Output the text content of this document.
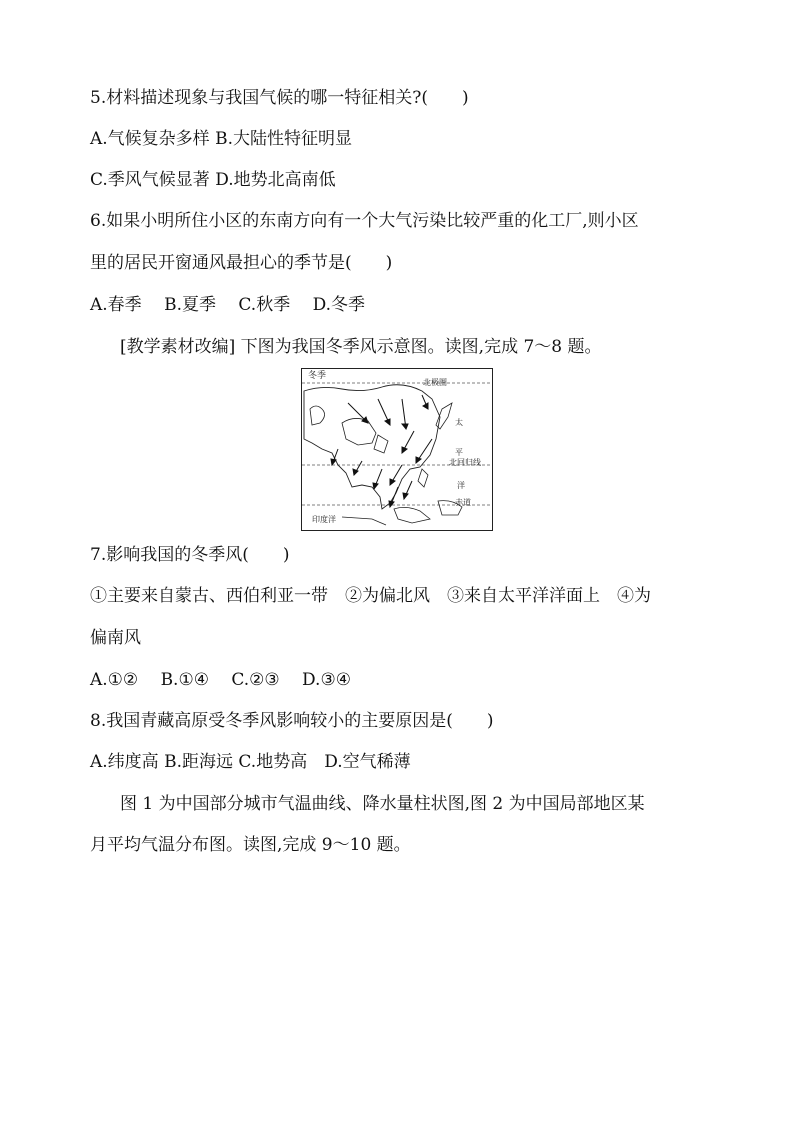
5.材料描述现象与我国气候的哪一特征相关?(　　)
A.气候复杂多样 B.大陆性特征明显
C.季风气候显著 D.地势北高南低
6.如果小明所住小区的东南方向有一个大气污染比较严重的化工厂,则小区
里的居民开窗通风最担心的季节是(　　)
A.春季　 B.夏季　 C.秋季　 D.冬季
[教学素材改编] 下图为我国冬季风示意图。读图,完成 7～8 题。
冬季
北极圈
太
平
北回归线
洋
赤道
印度洋
7.影响我国的冬季风(　　)
①主要来自蒙古、西伯利亚一带　②为偏北风　③来自太平洋洋面上　④为
偏南风
A.①②　 B.①④　 C.②③　 D.③④
8.我国青藏高原受冬季风影响较小的主要原因是(　　)
A.纬度高 B.距海远 C.地势高　D.空气稀薄
图 1 为中国部分城市气温曲线、降水量柱状图,图 2 为中国局部地区某
月平均气温分布图。读图,完成 9～10 题。
